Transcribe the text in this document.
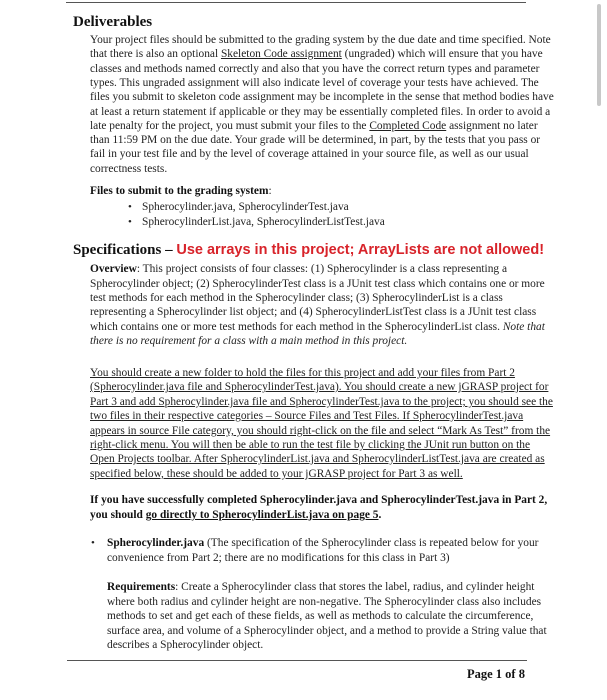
Deliverables
Your project files should be submitted to the grading system by the due date and time specified. Note
that there is also an optional Skeleton Code assignment (ungraded) which will ensure that you have
classes and methods named correctly and also that you have the correct return types and parameter
types. This ungraded assignment will also indicate level of coverage your tests have achieved. The
files you submit to skeleton code assignment may be incomplete in the sense that method bodies have
at least a return statement if applicable or they may be essentially completed files. In order to avoid a
late penalty for the project, you must submit your files to the Completed Code assignment no later
than 11:59 PM on the due date. Your grade will be determined, in part, by the tests that you pass or
fail in your test file and by the level of coverage attained in your source file, as well as our usual
correctness tests.
Files to submit to the grading system:
• Spherocylinder.java, SpherocylinderTest.java
• SpherocylinderList.java, SpherocylinderListTest.java
Specifications – Use arrays in this project; ArrayLists are not allowed!
Overview: This project consists of four classes: (1) Spherocylinder is a class representing a
Spherocylinder object; (2) SpherocylinderTest class is a JUnit test class which contains one or more
test methods for each method in the Spherocylinder class; (3) SpherocylinderList is a class
representing a Spherocylinder list object; and (4) SpherocylinderListTest class is a JUnit test class
which contains one or more test methods for each method in the SpherocylinderList class. Note that
there is no requirement for a class with a main method in this project.
You should create a new folder to hold the files for this project and add your files from Part 2
(Spherocylinder.java file and SpherocylinderTest.java). You should create a new jGRASP project for
Part 3 and add Spherocylinder.java file and SpherocylinderTest.java to the project; you should see the
two files in their respective categories – Source Files and Test Files. If SpherocylinderTest.java
appears in source File category, you should right-click on the file and select “Mark As Test” from the
right-click menu. You will then be able to run the test file by clicking the JUnit run button on the
Open Projects toolbar. After SpherocylinderList.java and SpherocylinderListTest.java are created as
specified below, these should be added to your jGRASP project for Part 3 as well.
If you have successfully completed Spherocylinder.java and SpherocylinderTest.java in Part 2,
you should go directly to SpherocylinderList.java on page 5.
• Spherocylinder.java (The specification of the Spherocylinder class is repeated below for your
convenience from Part 2; there are no modifications for this class in Part 3)
Requirements: Create a Spherocylinder class that stores the label, radius, and cylinder height
where both radius and cylinder height are non-negative. The Spherocylinder class also includes
methods to set and get each of these fields, as well as methods to calculate the circumference,
surface area, and volume of a Spherocylinder object, and a method to provide a String value that
describes a Spherocylinder object.
Page 1 of 8
